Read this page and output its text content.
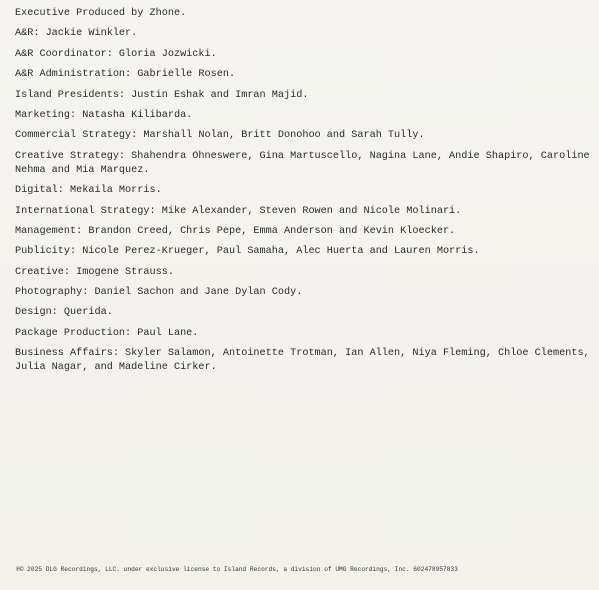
Executive Produced by Zhone.

A&R: Jackie Winkler.

A&R Coordinator: Gloria Jozwicki.

A&R Administration: Gabrielle Rosen.

Island Presidents: Justin Eshak and Imran Majid.

Marketing: Natasha Kilibarda.

Commercial Strategy: Marshall Nolan, Britt Donohoo and Sarah Tully.

Creative Strategy: Shahendra Ohneswere, Gina Martuscello, Nagina Lane, Andie Shapiro, Caroline Nehma and Mia Marquez.

Digital: Mekaila Morris.

International Strategy: Mike Alexander, Steven Rowen and Nicole Molinari.

Management: Brandon Creed, Chris Pepe, Emma Anderson and Kevin Kloecker.

Publicity: Nicole Perez-Krueger, Paul Samaha, Alec Huerta and Lauren Morris.

Creative: Imogene Strauss.

Photography: Daniel Sachon and Jane Dylan Cody.

Design: Querida.

Package Production: Paul Lane.

Business Affairs: Skyler Salamon, Antoinette Trotman, Ian Allen, Niya Fleming, Chloe Clements, Julia Nagar, and Madeline Cirker.

℗© 2025 DLG Recordings, LLC. under exclusive license to Island Records, a division of UMG Recordings, Inc. 602478957833
